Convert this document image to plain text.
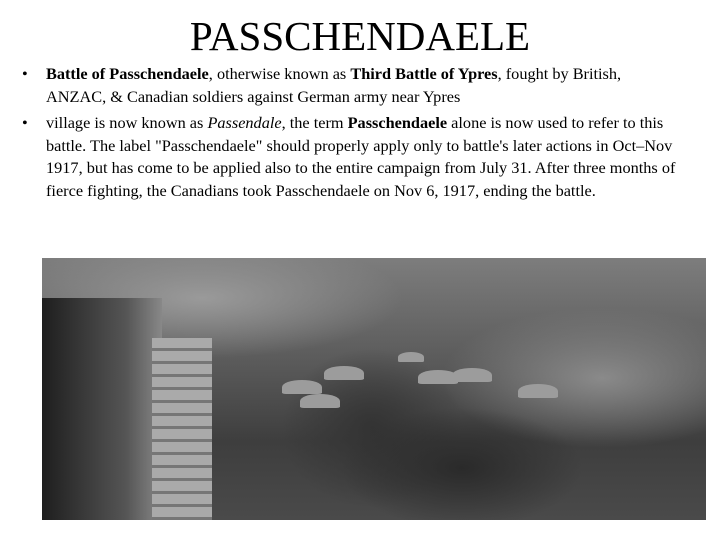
PASSCHENDAELE
• Battle of Passchendaele, otherwise known as Third Battle of Ypres, fought by British, ANZAC, & Canadian soldiers against German army near Ypres
• village is now known as Passendale, the term Passchendaele alone is now used to refer to this battle. The label "Passchendaele" should properly apply only to battle's later actions in Oct–Nov 1917, but has come to be applied also to the entire campaign from July 31. After three months of fierce fighting, the Canadians took Passchendaele on Nov 6, 1917, ending the battle.
